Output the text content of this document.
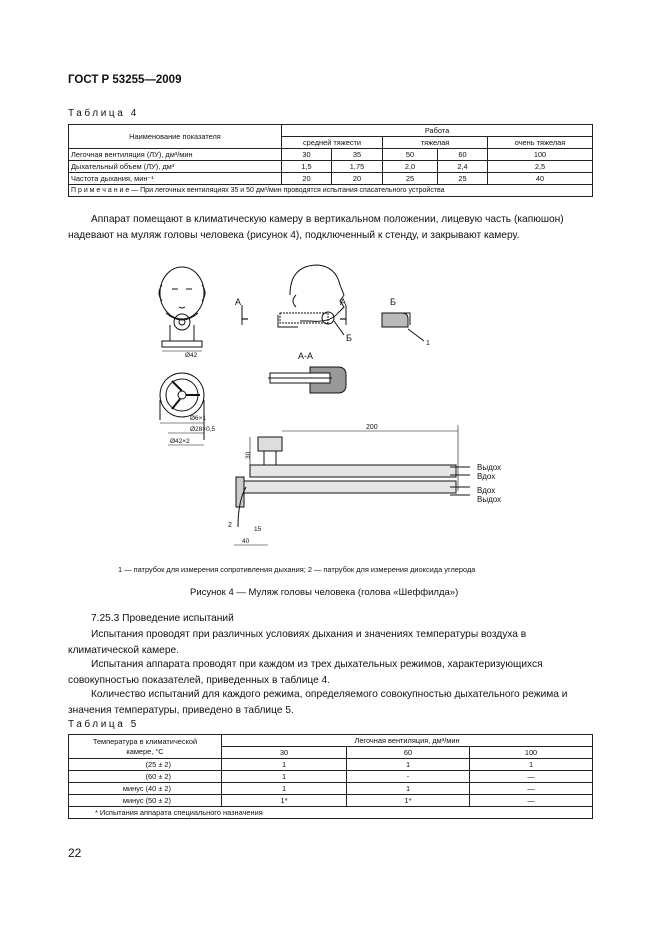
ГОСТ Р 53255—2009
Таблица 4
Наименование показателя	Работа				
	средней тяжести		тяжелая		очень тяжелая
Легочная вентиляция (ЛУ), дм³/мин	30	35	50	60	100
Дыхательный объем (ЛУ), дм³	1,5	1,75	2,0	2,4	2,5
Частота дыхания, мин⁻¹	20	20	25	25	40
П р и м е ч а н и е — При легочных вентиляциях 35 и 50 дм³/мин проводятся испытания спасательного устройства					
Аппарат помещают в климатическую камеру в вертикальном положении, лицевую часть (капюшон) надевают на муляж головы человека (рисунок 4), подключенный к стенду, и закрывают камеру.
Ø42
Ø6×1
Ø28×0,5
Ø42×2
А	А
Б
Б
1
А-А
200
30
Выдох
Вдох
Вдох
Выдох
2
15
40
1 — патрубок для измерения сопротивления дыхания; 2 — патрубок для измерения диоксида углерода
Рисунок 4 — Муляж головы человека (голова «Шеффилда»)
7.25.3 Проведение испытаний
Испытания проводят при различных условиях дыхания и значениях температуры воздуха в климатической камере.
Испытания аппарата проводят при каждом из трех дыхательных режимов, характеризующихся совокупностью показателей, приведенных в таблице 4.
Количество испытаний для каждого режима, определяемого совокупностью дыхательного режима и значения температуры, приведено в таблице 5.
Таблица 5
Температура в климатической камере, °С	Легочная вентиляция, дм³/мин		
	30	60	100
(25 ± 2)	1	1	1
(60 ± 2)	1	-	—
минус (40 ± 2)	1	1	—
минус (50 ± 2)	1*	1*	—
* Испытания аппарата специального назначения			
22
